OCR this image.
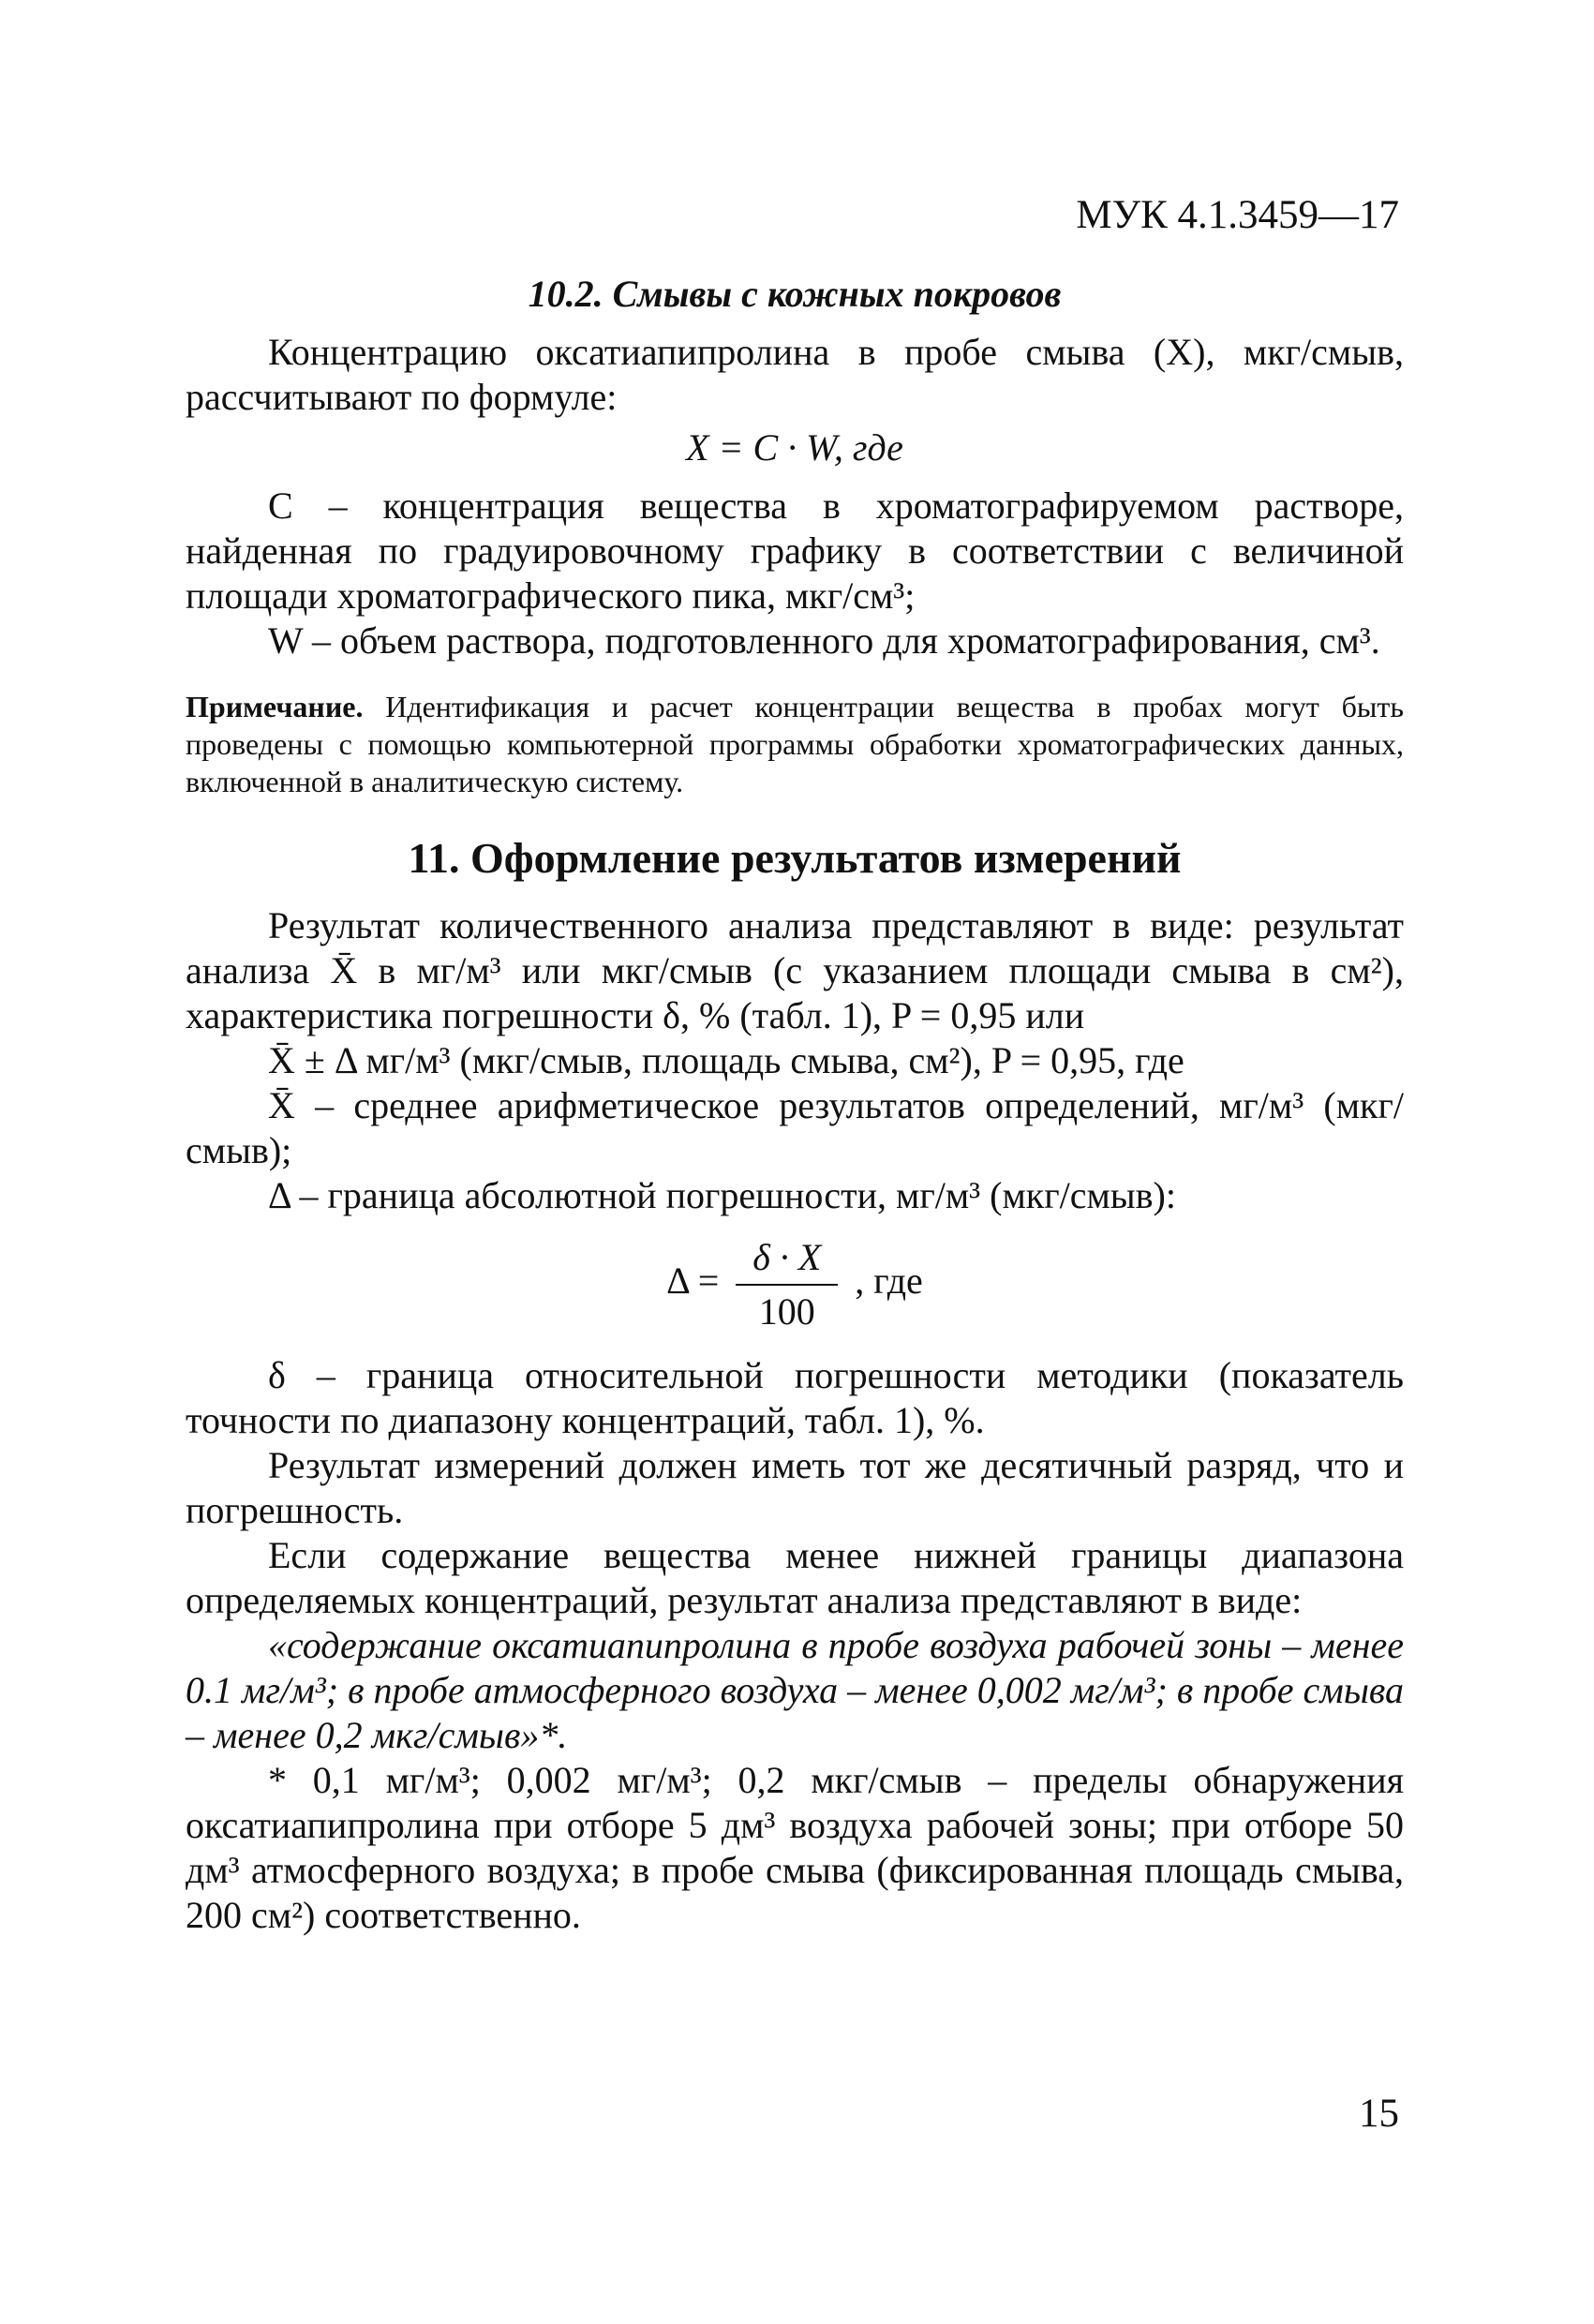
МУК 4.1.3459—17

10.2. Смывы с кожных покровов

Концентрацию оксатиапипролина в пробе смыва (X), мкг/смыв, рассчитывают по формуле:

X = C · W, где

C – концентрация вещества в хроматографируемом растворе, найденная по градуировочному графику в соответствии с величиной площади хроматографического пика, мкг/см³;

W – объем раствора, подготовленного для хроматографирования, см³.

Примечание. Идентификация и расчет концентрации вещества в пробах могут быть проведены с помощью компьютерной программы обработки хроматографических данных, включенной в аналитическую систему.

11. Оформление результатов измерений

Результат количественного анализа представляют в виде: результат анализа X̄ в мг/м³ или мкг/смыв (с указанием площади смыва в см²), характеристика погрешности δ, % (табл. 1), P = 0,95 или

X̄ ± Δ мг/м³ (мкг/смыв, площадь смыва, см²), P = 0,95, где

X̄ – среднее арифметическое результатов определений, мг/м³ (мкг/смыв);

Δ – граница абсолютной погрешности, мг/м³ (мкг/смыв):

$\Delta = \frac{\delta \cdot X}{100}$ , где

δ – граница относительной погрешности методики (показатель точности по диапазону концентраций, табл. 1), %.

Результат измерений должен иметь тот же десятичный разряд, что и погрешность.

Если содержание вещества менее нижней границы диапазона определяемых концентраций, результат анализа представляют в виде:

«содержание оксатиапипролина в пробе воздуха рабочей зоны – менее 0.1 мг/м³; в пробе атмосферного воздуха – менее 0,002 мг/м³; в пробе смыва – менее 0,2 мкг/смыв»*.

* 0,1 мг/м³; 0,002 мг/м³; 0,2 мкг/смыв – пределы обнаружения оксатиапипролина при отборе 5 дм³ воздуха рабочей зоны; при отборе 50 дм³ атмосферного воздуха; в пробе смыва (фиксированная площадь смыва, 200 см²) соответственно.

15
